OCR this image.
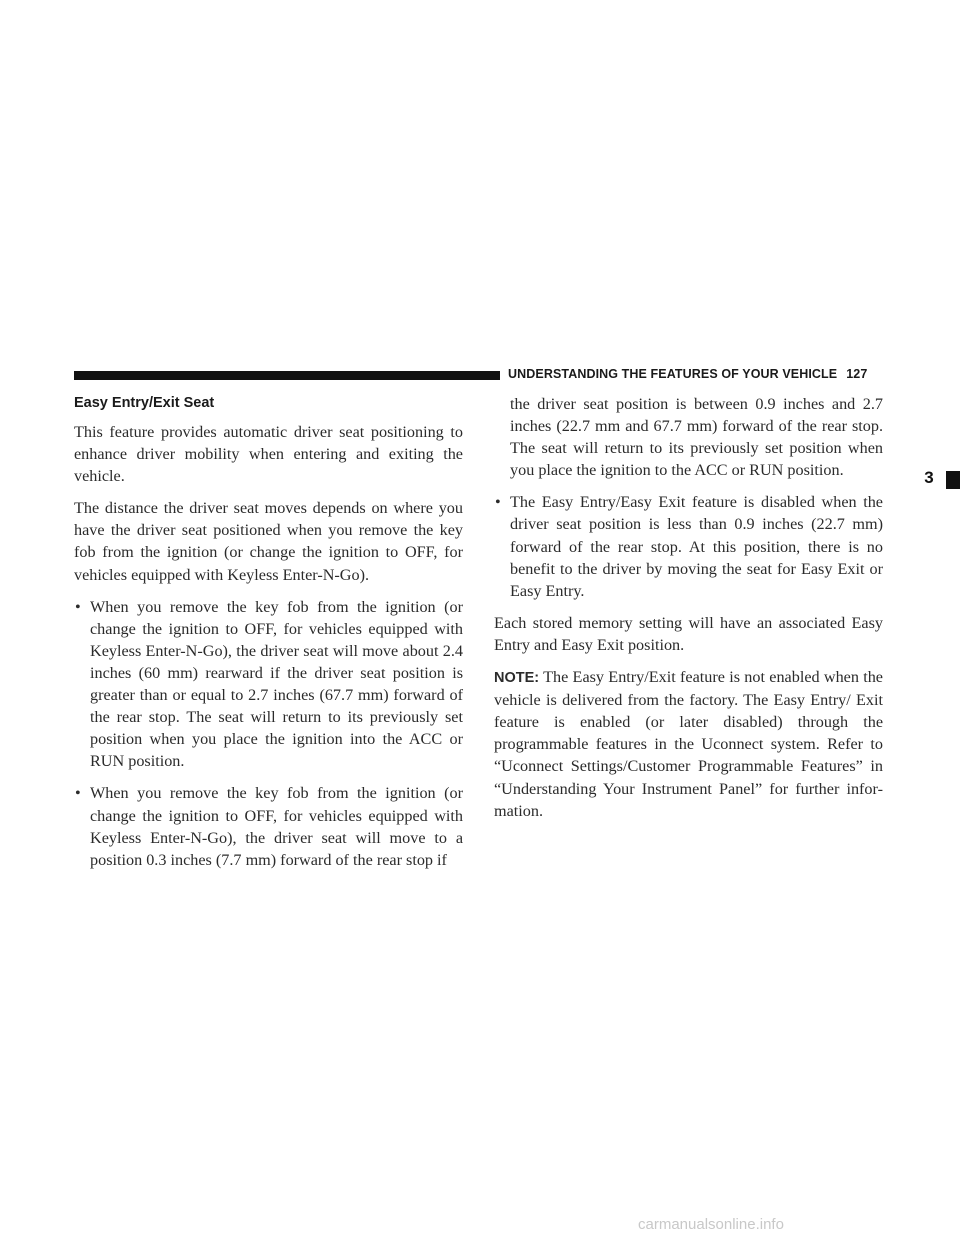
UNDERSTANDING THE FEATURES OF YOUR VEHICLE 127
3
Easy Entry/Exit Seat

This feature provides automatic driver seat positioning to enhance driver mobility when entering and exiting the vehicle.

The distance the driver seat moves depends on where you have the driver seat positioned when you remove the key fob from the ignition (or change the ignition to OFF, for vehicles equipped with Keyless Enter-N-Go).

• When you remove the key fob from the ignition (or change the ignition to OFF, for vehicles equipped with Keyless Enter-N-Go), the driver seat will move about 2.4 inches (60 mm) rearward if the driver seat position is greater than or equal to 2.7 inches (67.7 mm) forward of the rear stop. The seat will return to its previously set position when you place the ignition into the ACC or RUN position.
• When you remove the key fob from the ignition (or change the ignition to OFF, for vehicles equipped with Keyless Enter-N-Go), the driver seat will move to a position 0.3 inches (7.7 mm) forward of the rear stop if
the driver seat position is between 0.9 inches and 2.7 inches (22.7 mm and 67.7 mm) forward of the rear stop. The seat will return to its previously set position when you place the ignition to the ACC or RUN position.
• The Easy Entry/Easy Exit feature is disabled when the driver seat position is less than 0.9 inches (22.7 mm) forward of the rear stop. At this position, there is no benefit to the driver by moving the seat for Easy Exit or Easy Entry.

Each stored memory setting will have an associated Easy Entry and Easy Exit position.

NOTE: The Easy Entry/Exit feature is not enabled when the vehicle is delivered from the factory. The Easy Entry/ Exit feature is enabled (or later disabled) through the programmable features in the Uconnect system. Refer to “Uconnect Settings/Customer Programmable Features” in “Understanding Your Instrument Panel” for further infor- mation.

carmanualsonline.info
